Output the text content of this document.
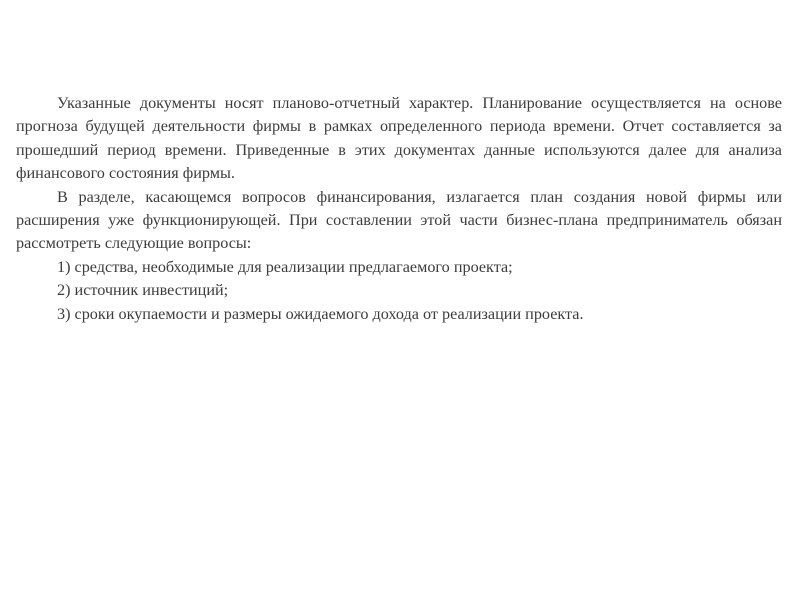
Указанные документы носят планово-отчетный характер. Планирование осуществляется на основе прогноза будущей деятельности фирмы в рамках определенного периода времени. Отчет составляется за прошедший период времени. Приведенные в этих документах данные используются далее для анализа финансового состояния фирмы.

В разделе, касающемся вопросов финансирования, излагается план создания новой фирмы или расширения уже функционирующей. При составлении этой части бизнес-плана предприниматель обязан рассмотреть следующие вопросы:

1) средства, необходимые для реализации предлагаемого проекта;

2) источник инвестиций;

3) сроки окупаемости и размеры ожидаемого дохода от реализации проекта.
